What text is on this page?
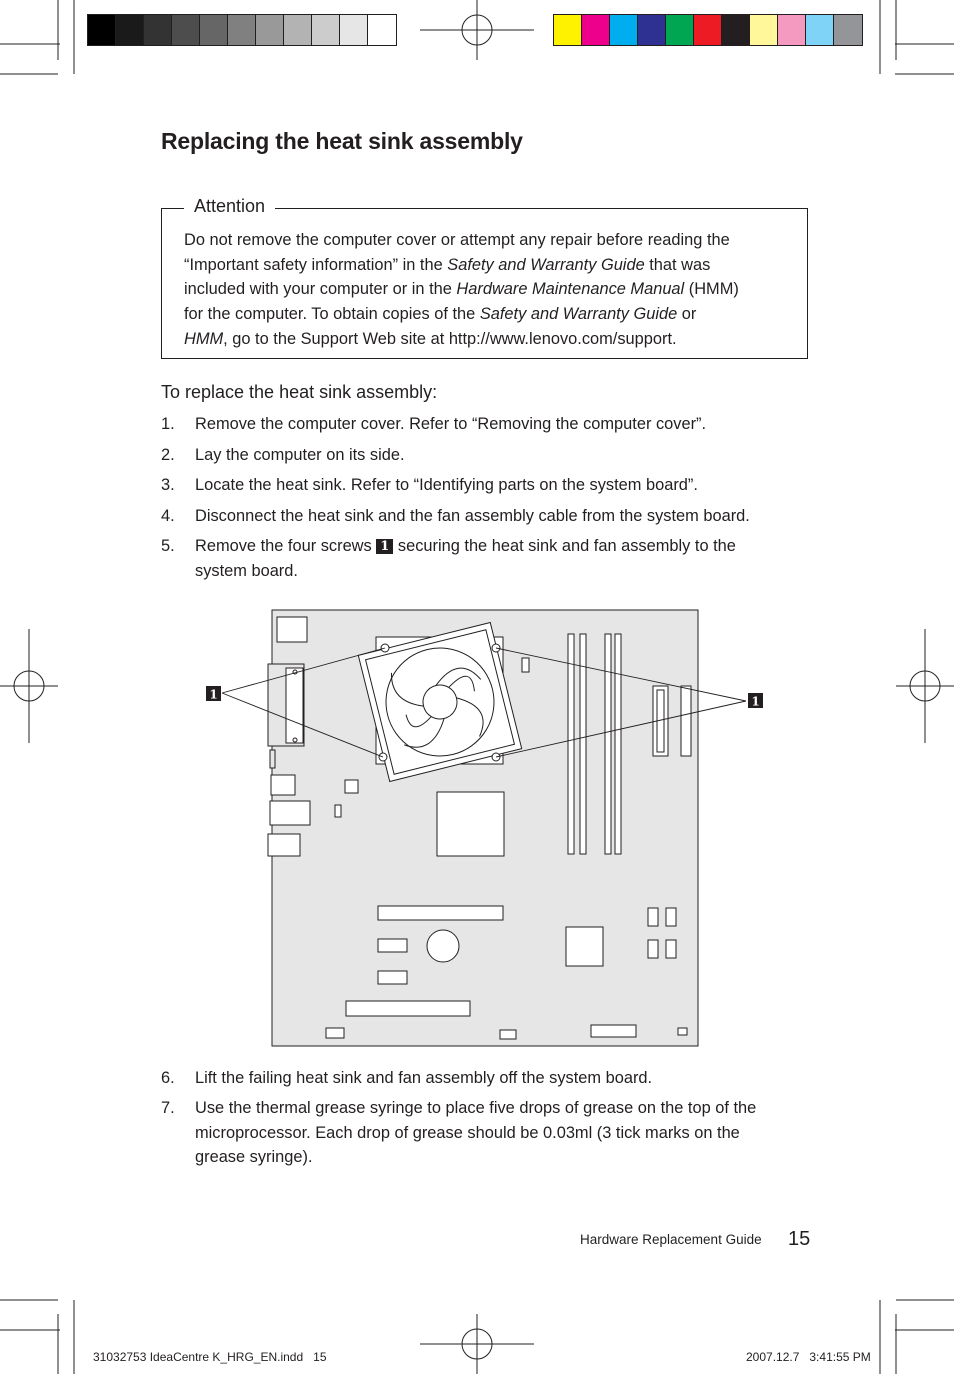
Replacing the heat sink assembly
Attention
Do not remove the computer cover or attempt any repair before reading the
“Important safety information” in the Safety and Warranty Guide that was
included with your computer or in the Hardware Maintenance Manual (HMM)
for the computer. To obtain copies of the Safety and Warranty Guide or
HMM, go to the Support Web site at http://www.lenovo.com/support.
To replace the heat sink assembly:
1.	Remove the computer cover. Refer to “Removing the computer cover”.
2.	Lay the computer on its side.
3.	Locate the heat sink. Refer to “Identifying parts on the system board”.
4.	Disconnect the heat sink and the fan assembly cable from the system board.
5.	Remove the four screws 1 securing the heat sink and fan assembly to the
system board.
1	1
6.	Lift the failing heat sink and fan assembly off the system board.
7.	Use the thermal grease syringe to place five drops of grease on the top of the
microprocessor. Each drop of grease should be 0.03ml (3 tick marks on the
grease syringe).
Hardware Replacement Guide 15
31032753 IdeaCentre K_HRG_EN.indd   15	2007.12.7   3:41:55 PM
